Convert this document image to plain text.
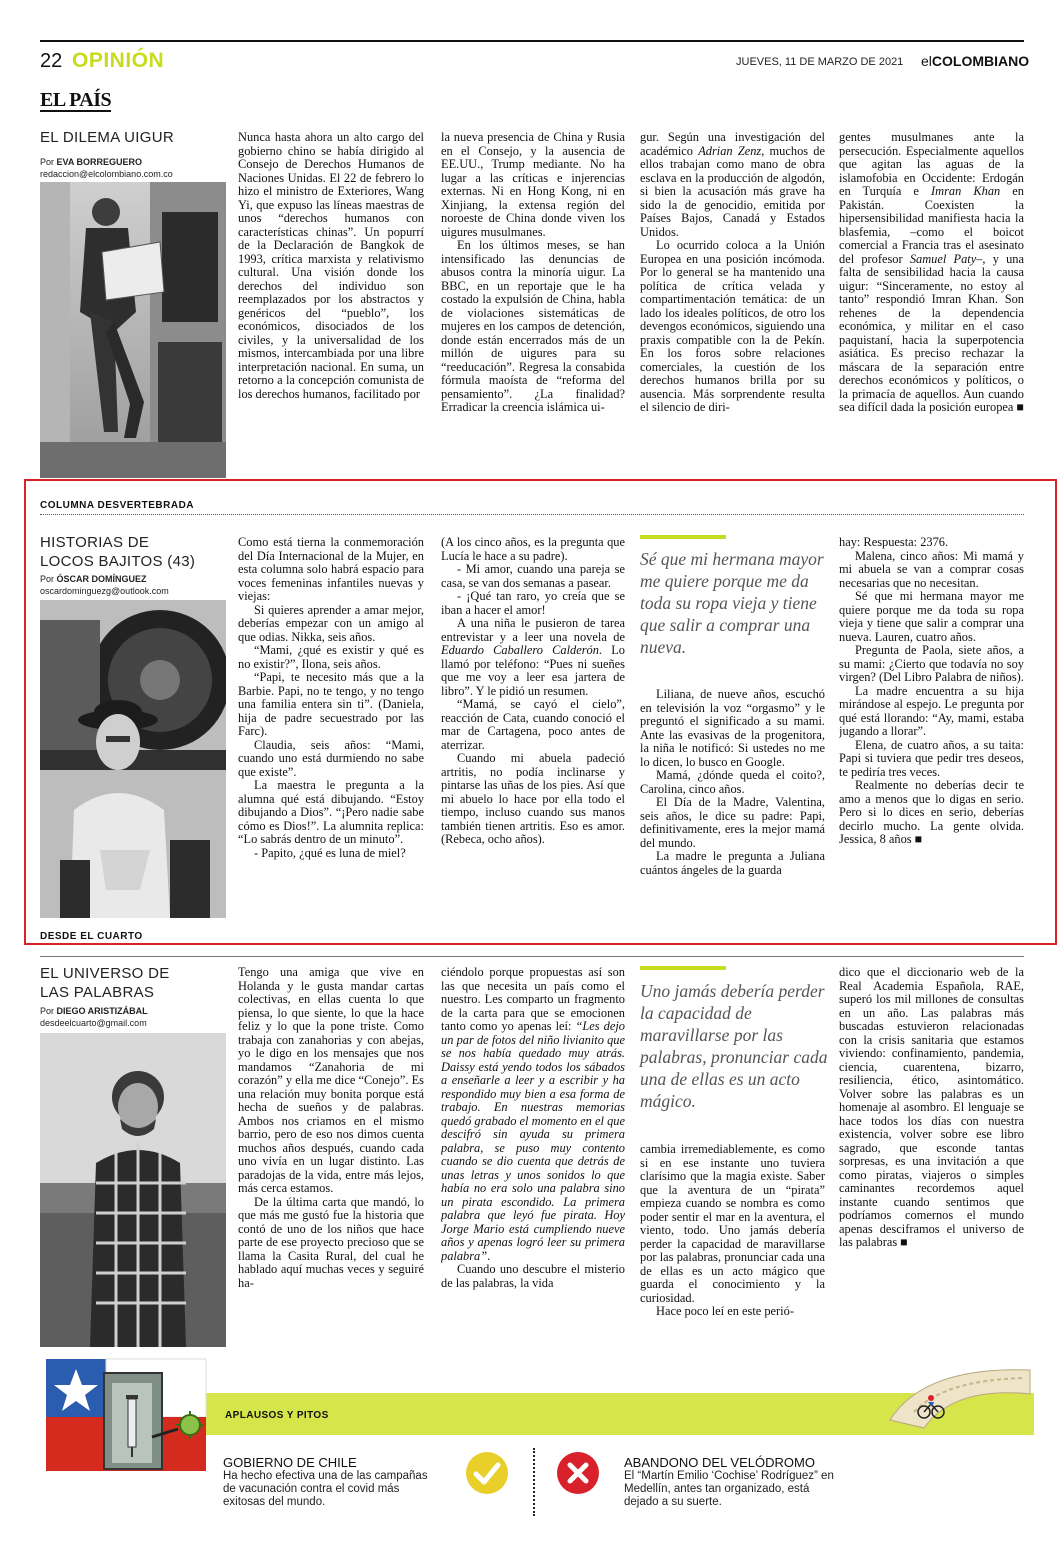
22 OPINIÓN	JUEVES, 11 DE MARZO DE 2021 elCOLOMBIANO
EL PAÍS
EL DILEMA UIGUR
Por EVA BORREGUERO
redaccion@elcolombiano.com.co

Nunca hasta ahora un alto cargo del gobierno chino se había dirigido al Consejo de Derechos Humanos de Naciones Unidas. El 22 de febrero lo hizo el ministro de Exteriores, Wang Yi, que expuso las líneas maestras de unos “derechos humanos con características chinas”. Un popurrí de la Declaración de Bangkok de 1993, crítica marxista y relativismo cultural. Una visión donde los derechos del individuo son reemplazados por los abstractos y genéricos del “pueblo”, los económicos, disociados de los civiles, y la universalidad de los mismos, intercambiada por una libre interpretación nacional. En suma, un retorno a la concepción comunista de los derechos humanos, facilitado por

la nueva presencia de China y Rusia en el Consejo, y la ausencia de EE.UU., Trump mediante. No ha lugar a las críticas e injerencias externas. Ni en Hong Kong, ni en Xinjiang, la extensa región del noroeste de China donde viven los uigures musulmanes.

En los últimos meses, se han intensificado las denuncias de abusos contra la minoría uigur. La BBC, en un reportaje que le ha costado la expulsión de China, habla de violaciones sistemáticas de mujeres en los campos de detención, donde están encerrados más de un millón de uigures para su “reeducación”. Regresa la consabida fórmula maoísta de “reforma del pensamiento”. ¿La finalidad? Erradicar la creencia islámica ui-

gur. Según una investigación del académico Adrian Zenz, muchos de ellos trabajan como mano de obra esclava en la producción de algodón, si bien la acusación más grave ha sido la de genocidio, emitida por Países Bajos, Canadá y Estados Unidos.

Lo ocurrido coloca a la Unión Europea en una posición incómoda. Por lo general se ha mantenido una política de crítica velada y compartimentación temática: de un lado los ideales políticos, de otro los devengos económicos, siguiendo una praxis compatible con la de Pekín. En los foros sobre relaciones comerciales, la cuestión de los derechos humanos brilla por su ausencia. Más sorprendente resulta el silencio de diri-

gentes musulmanes ante la persecución. Especialmente aquellos que agitan las aguas de la islamofobia en Occidente: Erdogán en Turquía e Imran Khan en Pakistán. Coexisten la hipersensibilidad manifiesta hacia la blasfemia, –como el boicot comercial a Francia tras el asesinato del profesor Samuel Paty–, y una falta de sensibilidad hacia la causa uigur: “Sinceramente, no estoy al tanto” respondió Imran Khan. Son rehenes de la dependencia económica, y militar en el caso paquistaní, hacia la superpotencia asiática. Es preciso rechazar la máscara de la separación entre derechos económicos y políticos, o la primacía de aquellos. Aun cuando sea difícil dada la posición europea ■

COLUMNA DESVERTEBRADA
HISTORIAS DE
LOCOS BAJITOS (43)
Por ÓSCAR DOMÍNGUEZ
oscardominguezg@outlook.com

Como está tierna la conmemoración del Día Internacional de la Mujer, en esta columna solo habrá espacio para voces femeninas infantiles nuevas y viejas:

Si quieres aprender a amar mejor, deberías empezar con un amigo al que odias. Nikka, seis años.

“Mami, ¿qué es existir y qué es no existir?”, Ilona, seis años.

“Papi, te necesito más que a la Barbie. Papi, no te tengo, y no tengo una familia entera sin ti”. (Daniela, hija de padre secuestrado por las Farc).

Claudia, seis años: “Mami, cuando uno está durmiendo no sabe que existe”.

La maestra le pregunta a la alumna qué está dibujando. “Estoy dibujando a Dios”. “¡Pero nadie sabe cómo es Dios!”. La alumnita replica: “Lo sabrás dentro de un minuto”.

- Papito, ¿qué es luna de miel?

(A los cinco años, es la pregunta que Lucía le hace a su padre).

- Mi amor, cuando una pareja se casa, se van dos semanas a pasear.

- ¡Qué tan raro, yo creía que se iban a hacer el amor!

A una niña le pusieron de tarea entrevistar y a leer una novela de Eduardo Caballero Calderón. Lo llamó por teléfono: “Pues ni sueñes que me voy a leer esa jartera de libro”. Y le pidió un resumen.

“Mamá, se cayó el cielo”, reacción de Cata, cuando conoció el mar de Cartagena, poco antes de aterrizar.

Cuando mi abuela padeció artritis, no podía inclinarse y pintarse las uñas de los pies. Así que mi abuelo lo hace por ella todo el tiempo, incluso cuando sus manos también tienen artritis. Eso es amor. (Rebeca, ocho años).

Sé que mi hermana mayor me quiere porque me da toda su ropa vieja y tiene que salir a comprar una nueva.

Liliana, de nueve años, escuchó en televisión la voz “orgasmo” y le preguntó el significado a su mami. Ante las evasivas de la progenitora, la niña le notificó: Si ustedes no me lo dicen, lo busco en Google.

Mamá, ¿dónde queda el coito?, Carolina, cinco años.

El Día de la Madre, Valentina, seis años, le dice su padre: Papi, definitivamente, eres la mejor mamá del mundo.

La madre le pregunta a Juliana cuántos ángeles de la guarda

hay: Respuesta: 2376.

Malena, cinco años: Mi mamá y mi abuela se van a comprar cosas necesarias que no necesitan.

Sé que mi hermana mayor me quiere porque me da toda su ropa vieja y tiene que salir a comprar una nueva. Lauren, cuatro años.

Pregunta de Paola, siete años, a su mami: ¿Cierto que todavía no soy virgen? (Del Libro Palabra de niños).

La madre encuentra a su hija mirándose al espejo. Le pregunta por qué está llorando: “Ay, mami, estaba jugando a llorar”.

Elena, de cuatro años, a su taita: Papi si tuviera que pedir tres deseos, te pediría tres veces.

Realmente no deberías decir te amo a menos que lo digas en serio. Pero si lo dices en serio, deberías decirlo mucho. La gente olvida. Jessica, 8 años ■

DESDE EL CUARTO
EL UNIVERSO DE
LAS PALABRAS
Por DIEGO ARISTIZÁBAL
desdeelcuarto@gmail.com

Tengo una amiga que vive en Holanda y le gusta mandar cartas colectivas, en ellas cuenta lo que piensa, lo que siente, lo que la hace feliz y lo que la pone triste. Como trabaja con zanahorias y con abejas, yo le digo en los mensajes que nos mandamos “Zanahoria de mi corazón” y ella me dice “Conejo”. Es una relación muy bonita porque está hecha de sueños y de palabras. Ambos nos criamos en el mismo barrio, pero de eso nos dimos cuenta muchos años después, cuando cada uno vivía en un lugar distinto. Las paradojas de la vida, entre más lejos, más cerca estamos.

De la última carta que mandó, lo que más me gustó fue la historia que contó de uno de los niños que hace parte de ese proyecto precioso que se llama la Casita Rural, del cual he hablado aquí muchas veces y seguiré ha-

ciéndolo porque propuestas así son las que necesita un país como el nuestro. Les comparto un fragmento de la carta para que se emocionen tanto como yo apenas leí: “Les dejo un par de fotos del niño livianito que se nos había quedado muy atrás. Daissy está yendo todos los sábados a enseñarle a leer y a escribir y ha respondido muy bien a esa forma de trabajo. En nuestras memorias quedó grabado el momento en el que descifró sin ayuda su primera palabra, se puso muy contento cuando se dio cuenta que detrás de unas letras y unos sonidos lo que había no era solo una palabra sino un pirata escondido. La primera palabra que leyó fue pirata. Hoy Jorge Mario está cumpliendo nueve años y apenas logró leer su primera palabra”.

Cuando uno descubre el misterio de las palabras, la vida

Uno jamás debería perder la capacidad de maravillarse por las palabras, pronunciar cada una de ellas es un acto mágico.

cambia irremediablemente, es como si en ese instante uno tuviera clarísimo que la magia existe. Saber que la aventura de un “pirata” empieza cuando se nombra es como poder sentir el mar en la aventura, el viento, todo. Uno jamás debería perder la capacidad de maravillarse por las palabras, pronunciar cada una de ellas es un acto mágico que guarda el conocimiento y la curiosidad.

Hace poco leí en este perió-

dico que el diccionario web de la Real Academia Española, RAE, superó los mil millones de consultas en un año. Las palabras más buscadas estuvieron relacionadas con la crisis sanitaria que estamos viviendo: confinamiento, pandemia, ciencia, cuarentena, bizarro, resiliencia, ético, asintomático. Volver sobre las palabras es un homenaje al asombro. El lenguaje se hace todos los días con nuestra existencia, volver sobre ese libro sagrado, que esconde tantas sorpresas, es una invitación a que como piratas, viajeros o simples caminantes recordemos aquel instante cuando sentimos que podríamos comernos el mundo apenas desciframos el universo de las palabras ■

APLAUSOS Y PITOS
GOBIERNO DE CHILE
Ha hecho efectiva una de las campañas de vacunación contra el covid más exitosas del mundo.
ABANDONO DEL VELÓDROMO
El “Martín Emilio ‘Cochise’ Rodríguez” en Medellín, antes tan organizado, está dejado a su suerte.
